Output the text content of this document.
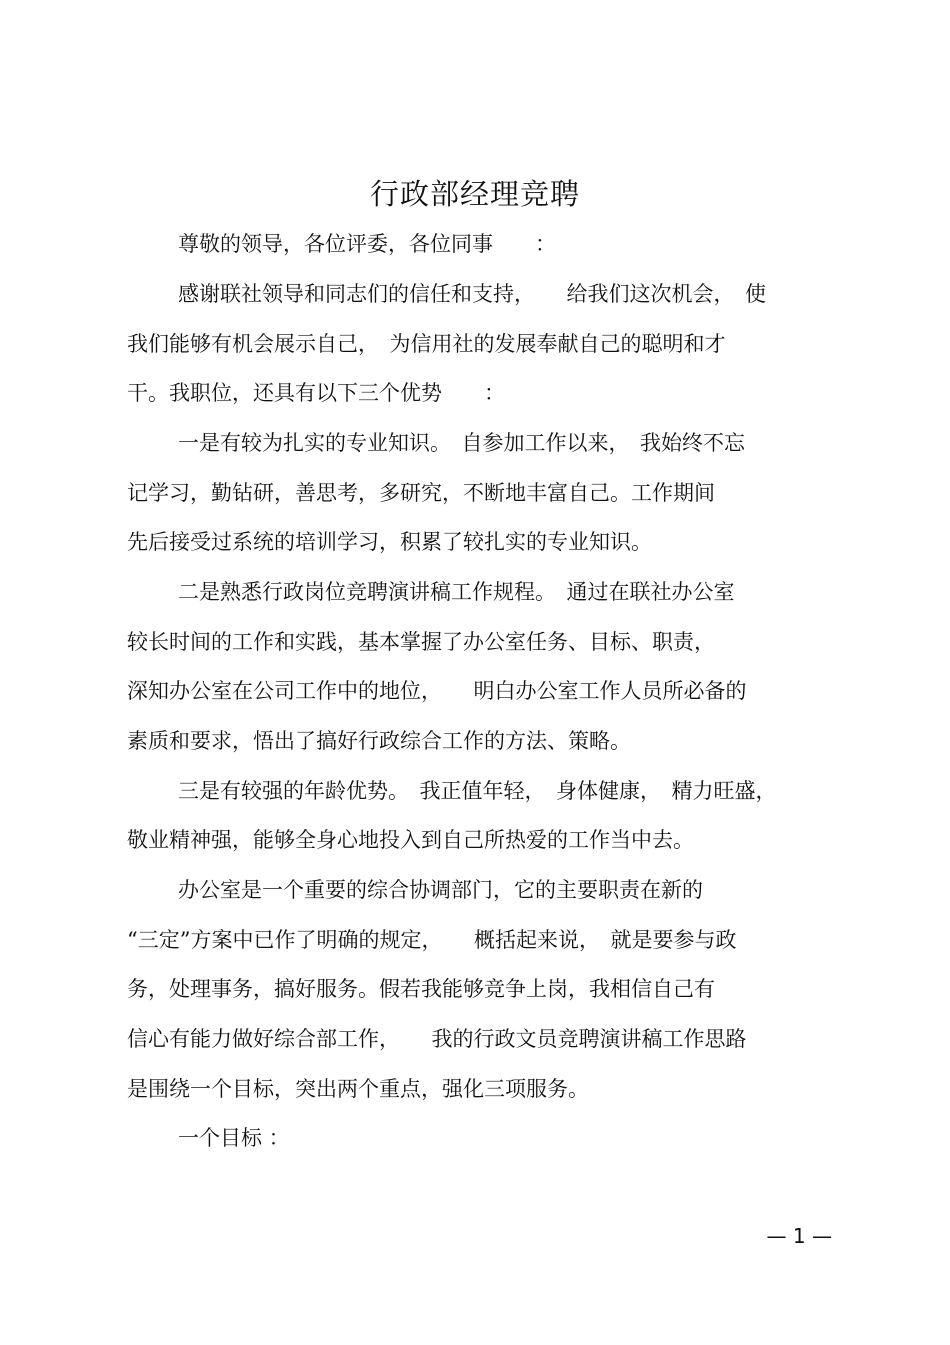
行政部经理竞聘
尊敬的领导，各位评委，各位同事　　：
感谢联社领导和同志们的信任和支持，　　给我们这次机会，　使
我们能够有机会展示自己，　为信用社的发展奉献自己的聪明和才
干。我职位，还具有以下三个优势　　：
一是有较为扎实的专业知识。　自参加工作以来，　我始终不忘
记学习，勤钻研，善思考，多研究，不断地丰富自己。工作期间
先后接受过系统的培训学习，积累了较扎实的专业知识。
二是熟悉行政岗位竞聘演讲稿工作规程。　通过在联社办公室
较长时间的工作和实践，基本掌握了办公室任务、目标、职责，
深知办公室在公司工作中的地位，　　明白办公室工作人员所必备的
素质和要求，悟出了搞好行政综合工作的方法、策略。
三是有较强的年龄优势。　我正值年轻，　身体健康，　精力旺盛，
敬业精神强，能够全身心地投入到自己所热爱的工作当中去。
办公室是一个重要的综合协调部门，它的主要职责在新的
“三定”方案中已作了明确的规定，　　概括起来说，　就是要参与政
务，处理事务，搞好服务。假若我能够竞争上岗，我相信自己有
信心有能力做好综合部工作，　　我的行政文员竞聘演讲稿工作思路
是围绕一个目标，突出两个重点，强化三项服务。
一个目标 ：
— 1 —
